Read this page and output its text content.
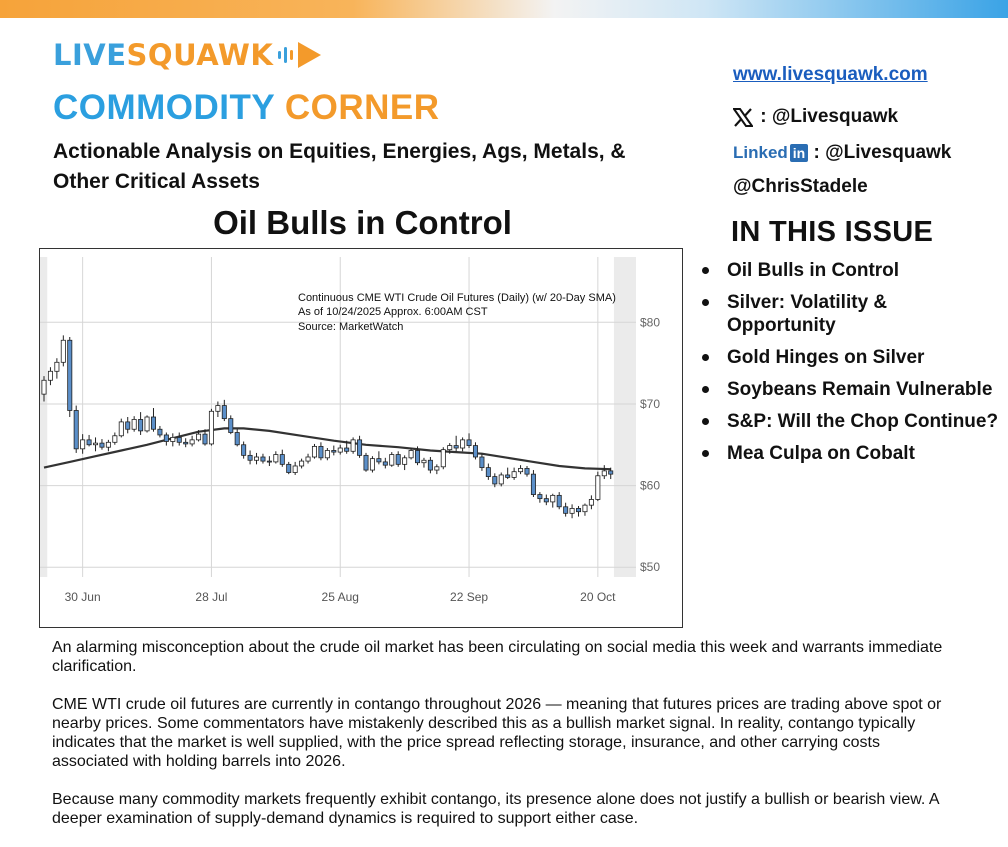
LIVESQUAWK
COMMODITY CORNER
Actionable Analysis on Equities, Energies, Ags, Metals, & Other Critical Assets
www.livesquawk.com
: @Livesquawk
Linked in : @Livesquawk
@ChrisStadele
IN THIS ISSUE
Oil Bulls in Control
Silver: Volatility & Opportunity
Gold Hinges on Silver
Soybeans Remain Vulnerable
S&P: Will the Chop Continue?
Mea Culpa on Cobalt
Oil Bulls in Control
$80
$70
$60
$50
30 Jun	28 Jul	25 Aug	22 Sep	20 Oct
Continuous CME WTI Crude Oil Futures (Daily) (w/ 20-Day SMA)
As of 10/24/2025 Approx. 6:00AM CST
Source: MarketWatch

An alarming misconception about the crude oil market has been circulating on social media this week and warrants immediate clarification.

CME WTI crude oil futures are currently in contango throughout 2026 — meaning that futures prices are trading above spot or nearby prices. Some commentators have mistakenly described this as a bullish market signal. In reality, contango typically indicates that the market is well supplied, with the price spread reflecting storage, insurance, and other carrying costs associated with holding barrels into 2026.

Because many commodity markets frequently exhibit contango, its presence alone does not justify a bullish or bearish view. A deeper examination of supply-demand dynamics is required to support either case.
